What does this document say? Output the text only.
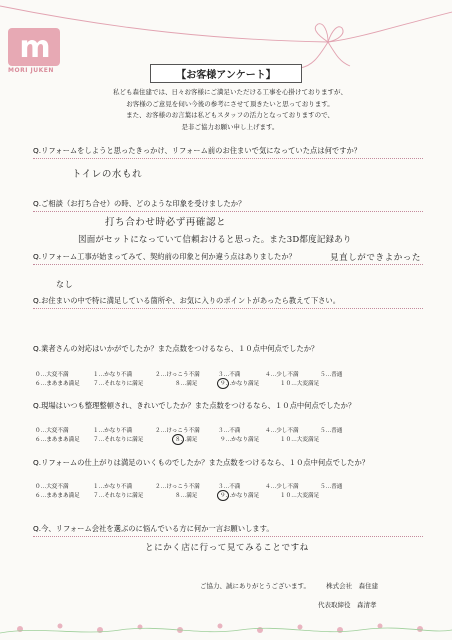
m
MORI JUKEN	【お客様アンケート】
私ども森住建では、日々お客様にご満足いただける工事を心掛けておりますが、
お客様のご意見を伺い今後の参考にさせて頂きたいと思っております。
また、お客様のお言葉は私どもスタッフの活力となっておりますので、
是非ご協力お願い申し上げます。
Q.リフォームをしようと思ったきっかけ、リフォーム前のお住まいで気になっていた点は何ですか？
トイレの水もれ
Q.ご相談（お打ち合せ）の時、どのような印象を受けましたか？
打ち合わせ時必ず再確認と
図面がセットになっていて信頼おけると思った。また3D都度記録あり
Q.リフォーム工事が始まってみて、契約前の印象と何か違う点はありましたか？	見直しができよかった
なし
Q.お住まいの中で特に満足している箇所や、お気に入りのポイントがあったら教えて下さい。
Q.業者さんの対応はいかがでしたか？また点数をつけるなら、１０点中何点でしたか？
０…大変不満	１…かなり不満	２…けっこう不満	３…不満	４…少し不満	５…普通
６…まあまあ満足 ７…それなりに満足	８…満足	９…かなり満足	１０…大変満足
Q.現場はいつも整理整頓され、きれいでしたか？また点数をつけるなら、１０点中何点でしたか？
０…大変不満	１…かなり不満	２…けっこう不満	３…不満	４…少し不満	５…普通
６…まあまあ満足 ７…それなりに満足	８…満足	９…かなり満足	１０…大変満足
Q.リフォームの仕上がりは満足のいくものでしたか？また点数をつけるなら、１０点中何点でしたか？
０…大変不満	１…かなり不満	２…けっこう不満	３…不満	４…少し不満	５…普通
６…まあまあ満足 ７…それなりに満足	８…満足	９…かなり満足	１０…大変満足
Q.今、リフォーム会社を選ぶのに悩んでいる方に何か一言お願いします。
とにかく店に行って見てみることですね
ご協力、誠にありがとうございます。 株式会社　森住建
代表取締役　森清孝
